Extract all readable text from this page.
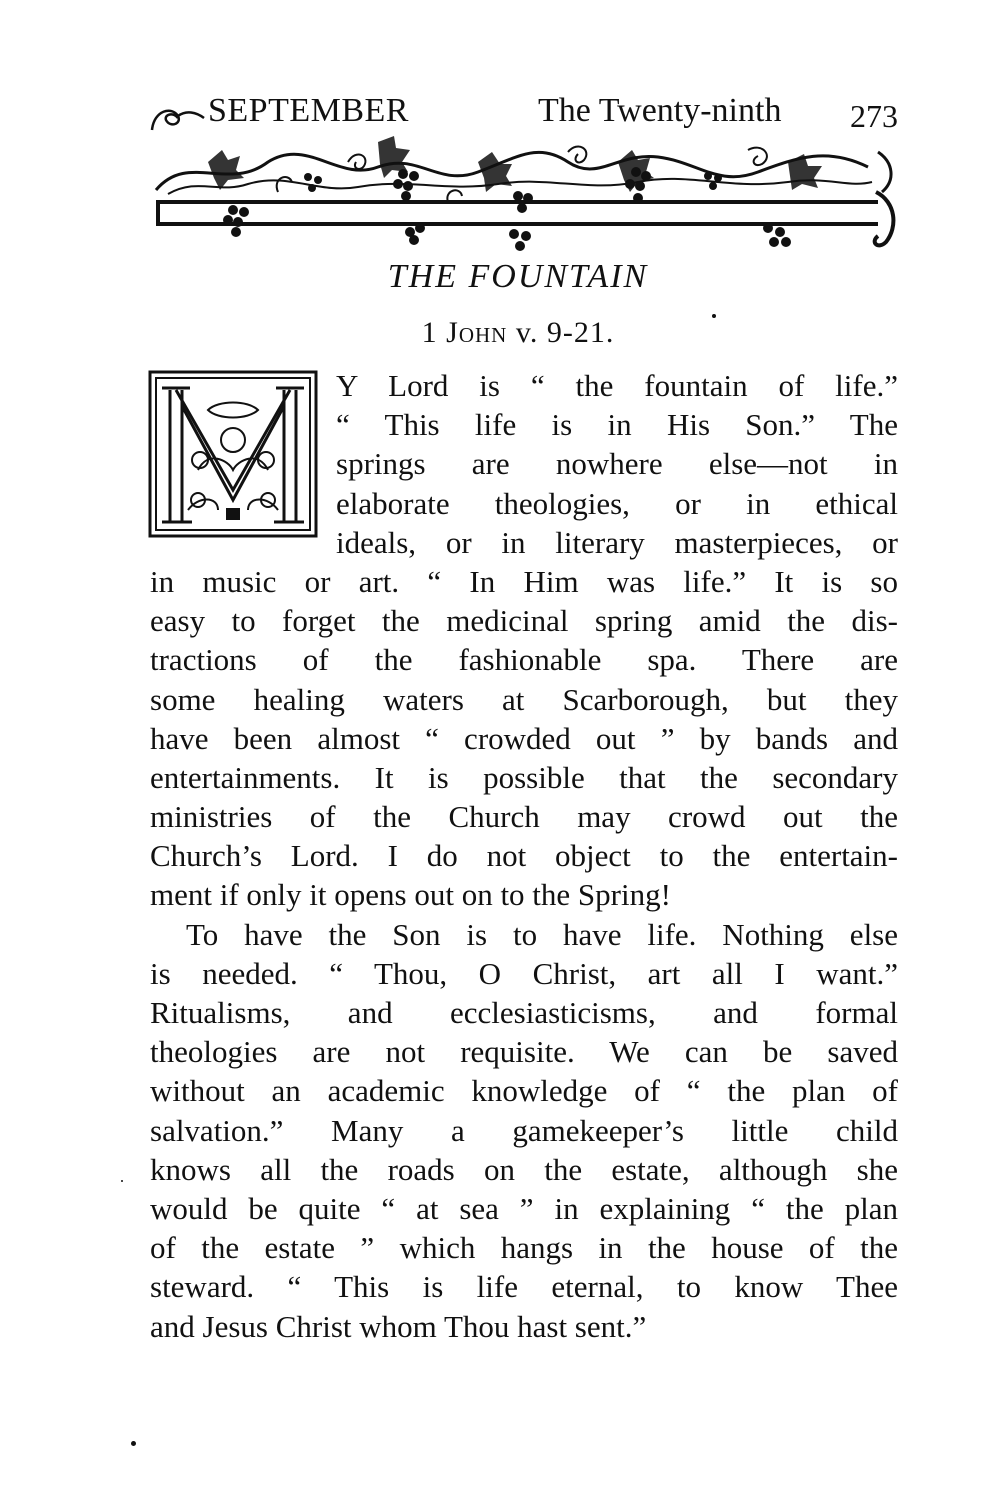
SEPTEMBER	The Twenty-ninth 273
THE FOUNTAIN
1 John v. 9-21.
Y Lord is “ the fountain of life.”
“ This life is in His Son.” The
springs are nowhere else—not in
elaborate theologies, or in ethical
ideals, or in literary masterpieces, or
in music or art. “ In Him was life.” It is so
easy to forget the medicinal spring amid the dis-
tractions of the fashionable spa. There are
some healing waters at Scarborough, but they
have been almost “ crowded out ” by bands and
entertainments. It is possible that the secondary
ministries of the Church may crowd out the
Church’s Lord. I do not object to the entertain-
ment if only it opens out on to the Spring!
To have the Son is to have life. Nothing else
is needed. “ Thou, O Christ, art all I want.”
Ritualisms, and ecclesiasticisms, and formal
theologies are not requisite. We can be saved
without an academic knowledge of “ the plan of
salvation.” Many a gamekeeper’s little child
knows all the roads on the estate, although she
would be quite “ at sea ” in explaining “ the plan
of the estate ” which hangs in the house of the
steward. “ This is life eternal, to know Thee
and Jesus Christ whom Thou hast sent.”
